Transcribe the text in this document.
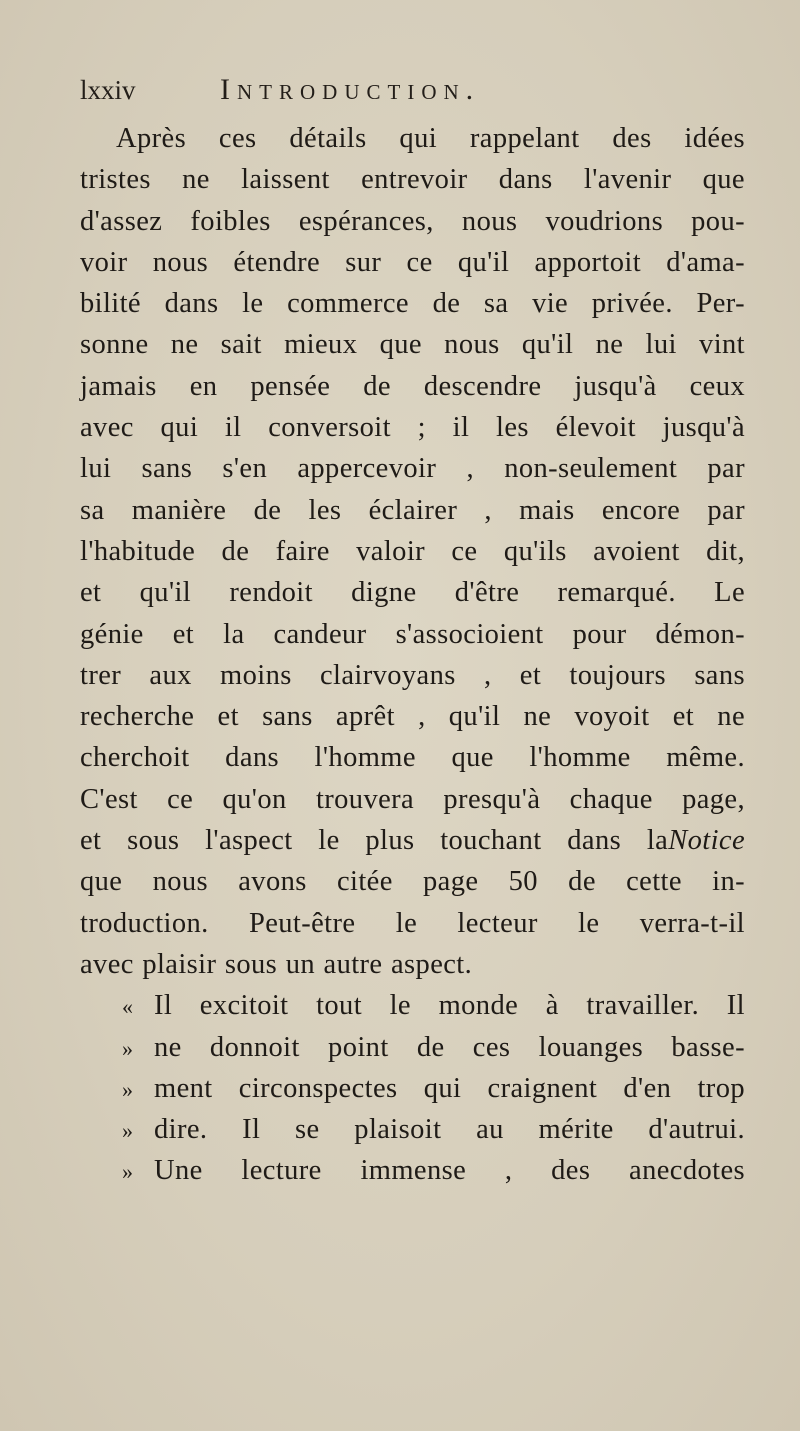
lxxiv	Introduction.
Après ces détails qui rappelant des idées
tristes ne laissent entrevoir dans l'avenir que
d'assez foibles espérances, nous voudrions pou-
voir nous étendre sur ce qu'il apportoit d'ama-
bilité dans le commerce de sa vie privée. Per-
sonne ne sait mieux que nous qu'il ne lui vint
jamais en pensée de descendre jusqu'à ceux
avec qui il conversoit ; il les élevoit jusqu'à
lui sans s'en appercevoir , non-seulement par
sa manière de les éclairer , mais encore par
l'habitude de faire valoir ce qu'ils avoient dit,
et qu'il rendoit digne d'être remarqué. Le
génie et la candeur s'associoient pour démon-
trer aux moins clairvoyans , et toujours sans
recherche et sans aprêt , qu'il ne voyoit et ne
cherchoit dans l'homme que l'homme même.
C'est ce qu'on trouvera presqu'à chaque page,
et sous l'aspect le plus touchant dans laNotice
que nous avons citée page 50 de cette in-
troduction. Peut-être le lecteur le verra-t-il
avec plaisir sous un autre aspect.
« Il excitoit tout le monde à travailler. Il
» ne donnoit point de ces louanges basse-
» ment circonspectes qui craignent d'en trop
» dire. Il se plaisoit au mérite d'autrui.
» Une lecture immense , des anecdotes
